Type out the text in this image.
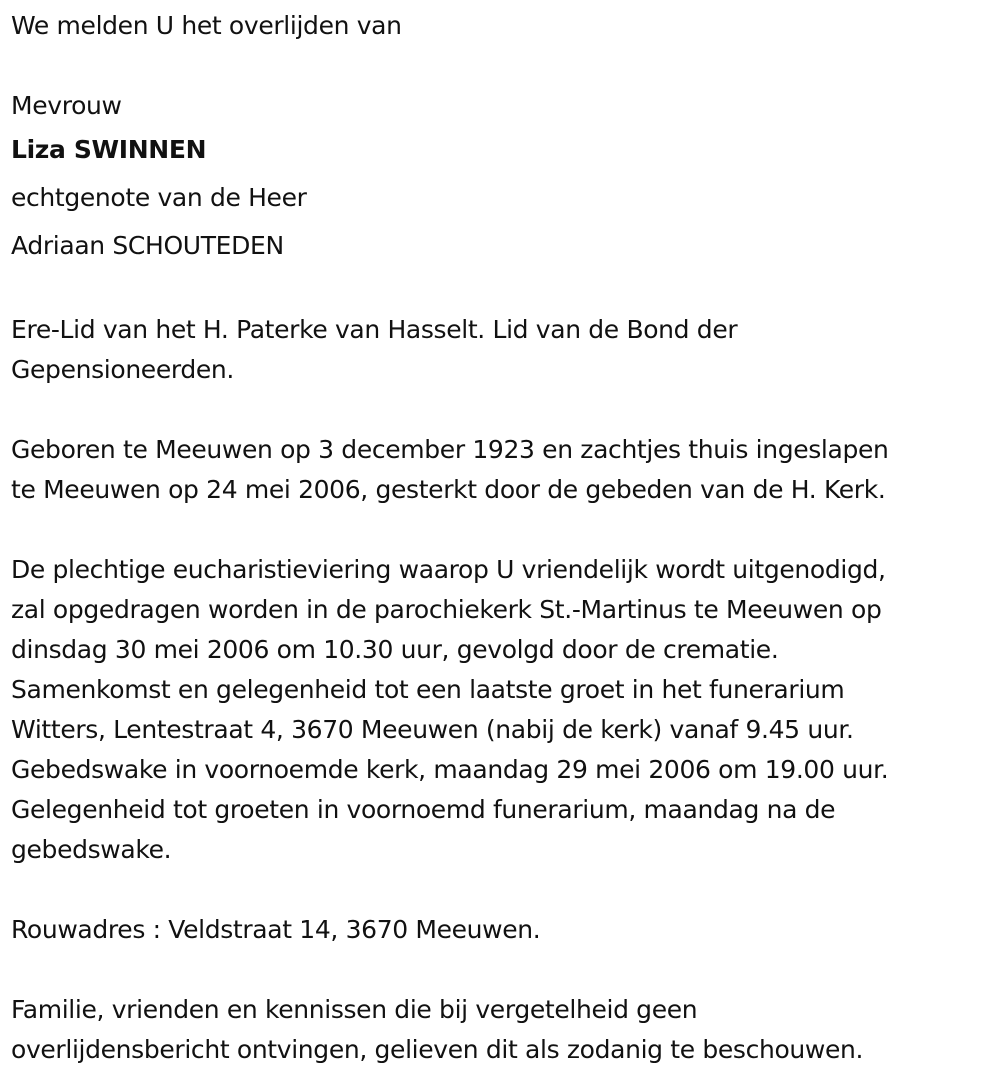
We melden U het overlijden van
Mevrouw
Liza SWINNEN
echtgenote van de Heer
Adriaan SCHOUTEDEN
Ere-Lid van het H. Paterke van Hasselt. Lid van de Bond der
Gepensioneerden.
Geboren te Meeuwen op 3 december 1923 en zachtjes thuis ingeslapen
te Meeuwen op 24 mei 2006, gesterkt door de gebeden van de H. Kerk.
De plechtige eucharistieviering waarop U vriendelijk wordt uitgenodigd,
zal opgedragen worden in de parochiekerk St.-Martinus te Meeuwen op
dinsdag 30 mei 2006 om 10.30 uur, gevolgd door de crematie.
Samenkomst en gelegenheid tot een laatste groet in het funerarium
Witters, Lentestraat 4, 3670 Meeuwen (nabij de kerk) vanaf 9.45 uur.
Gebedswake in voornoemde kerk, maandag 29 mei 2006 om 19.00 uur.
Gelegenheid tot groeten in voornoemd funerarium, maandag na de
gebedswake.
Rouwadres : Veldstraat 14, 3670 Meeuwen.
Familie, vrienden en kennissen die bij vergetelheid geen
overlijdensbericht ontvingen, gelieven dit als zodanig te beschouwen.
